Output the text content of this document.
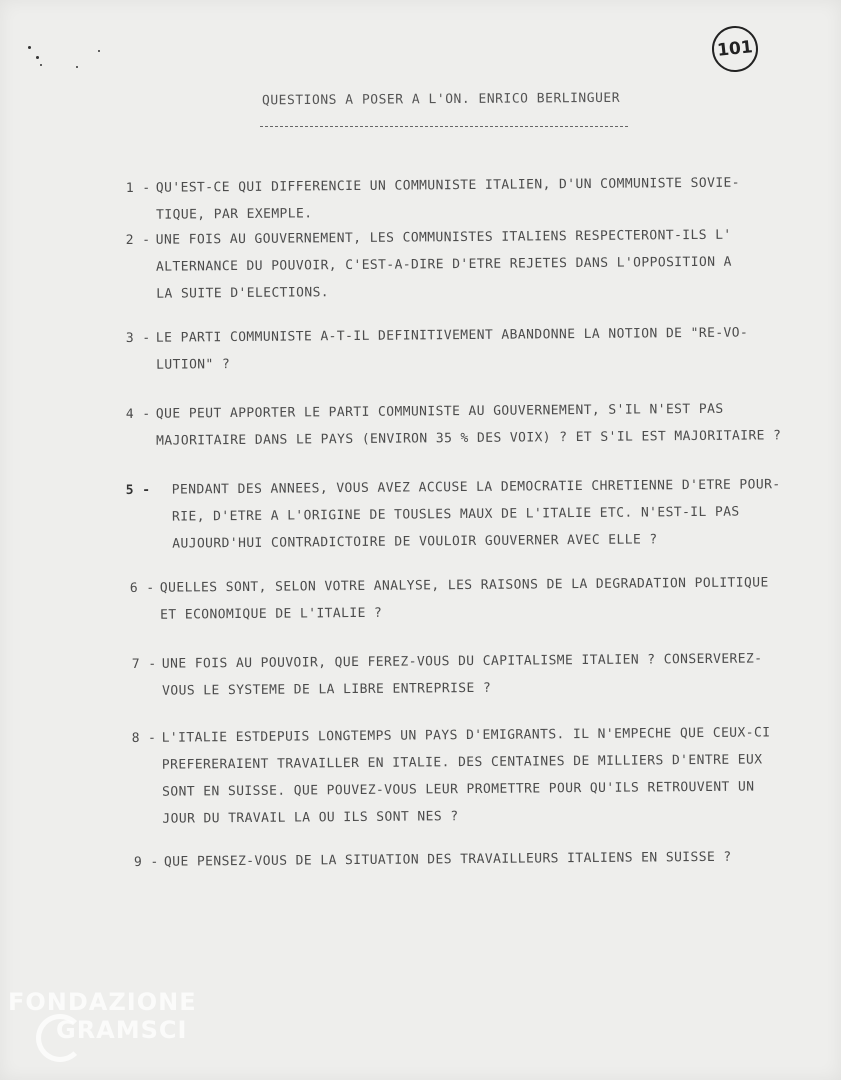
101
QUESTIONS A POSER A L'ON. ENRICO BERLINGUER
1 - QU'EST-CE QUI DIFFERENCIE UN COMMUNISTE ITALIEN, D'UN COMMUNISTE SOVIE-
TIQUE, PAR EXEMPLE.
2 - UNE FOIS AU GOUVERNEMENT, LES COMMUNISTES ITALIENS RESPECTERONT-ILS L'
ALTERNANCE DU POUVOIR, C'EST-A-DIRE D'ETRE REJETES DANS L'OPPOSITION A
LA SUITE D'ELECTIONS.
3 - LE PARTI COMMUNISTE A-T-IL DEFINITIVEMENT ABANDONNE LA NOTION DE "RE-VO-
LUTION" ?
4 - QUE PEUT APPORTER LE PARTI COMMUNISTE AU GOUVERNEMENT, S'IL N'EST PAS
MAJORITAIRE DANS LE PAYS (ENVIRON 35 % DES VOIX) ? ET S'IL EST MAJORITAIRE ?
5 - PENDANT DES ANNEES, VOUS AVEZ ACCUSE LA DEMOCRATIE CHRETIENNE D'ETRE POUR-
RIE, D'ETRE A L'ORIGINE DE TOUSLES MAUX DE L'ITALIE ETC. N'EST-IL PAS
AUJOURD'HUI CONTRADICTOIRE DE VOULOIR GOUVERNER AVEC ELLE ?
6 - QUELLES SONT, SELON VOTRE ANALYSE, LES RAISONS DE LA DEGRADATION POLITIQUE
ET ECONOMIQUE DE L'ITALIE ?
7 - UNE FOIS AU POUVOIR, QUE FEREZ-VOUS DU CAPITALISME ITALIEN ? CONSERVEREZ-
VOUS LE SYSTEME DE LA LIBRE ENTREPRISE ?
8 - L'ITALIE ESTDEPUIS LONGTEMPS UN PAYS D'EMIGRANTS. IL N'EMPECHE QUE CEUX-CI
PREFERERAIENT TRAVAILLER EN ITALIE. DES CENTAINES DE MILLIERS D'ENTRE EUX
SONT EN SUISSE. QUE POUVEZ-VOUS LEUR PROMETTRE POUR QU'ILS RETROUVENT UN
JOUR DU TRAVAIL LA OU ILS SONT NES ?
9 - QUE PENSEZ-VOUS DE LA SITUATION DES TRAVAILLEURS ITALIENS EN SUISSE ?
FONDAZIONE
GRAMSCI
